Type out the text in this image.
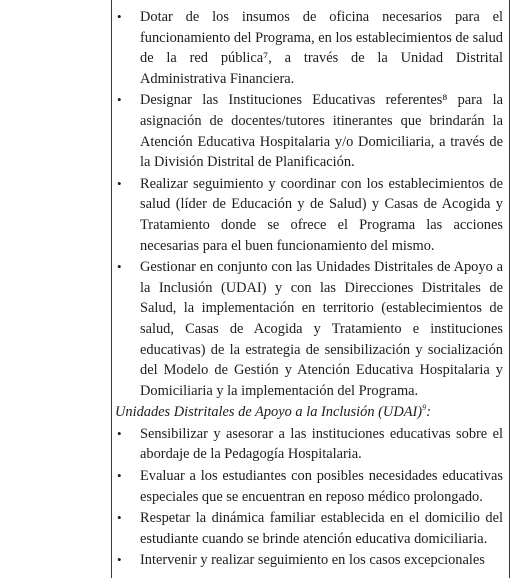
• Dotar de los insumos de oficina necesarios para el funcionamiento del Programa, en los establecimientos de salud de la red pública⁷, a través de la Unidad Distrital Administrativa Financiera.
• Designar las Instituciones Educativas referentes⁸ para la asignación de docentes/tutores itinerantes que brindarán la Atención Educativa Hospitalaria y/o Domiciliaria, a través de la División Distrital de Planificación.
• Realizar seguimiento y coordinar con los establecimientos de salud (líder de Educación y de Salud) y Casas de Acogida y Tratamiento donde se ofrece el Programa las acciones necesarias para el buen funcionamiento del mismo.
• Gestionar en conjunto con las Unidades Distritales de Apoyo a la Inclusión (UDAI) y con las Direcciones Distritales de Salud, la implementación en territorio (establecimientos de salud, Casas de Acogida y Tratamiento e instituciones educativas) de la estrategia de sensibilización y socialización del Modelo de Gestión y Atención Educativa Hospitalaria y Domiciliaria y la implementación del Programa.
Unidades Distritales de Apoyo a la Inclusión (UDAI)$^9$:
• Sensibilizar y asesorar a las instituciones educativas sobre el abordaje de la Pedagogía Hospitalaria.
• Evaluar a los estudiantes con posibles necesidades educativas especiales que se encuentran en reposo médico prolongado.
• Respetar la dinámica familiar establecida en el domicilio del estudiante cuando se brinde atención educativa domiciliaria.
• Intervenir y realizar seguimiento en los casos excepcionales
